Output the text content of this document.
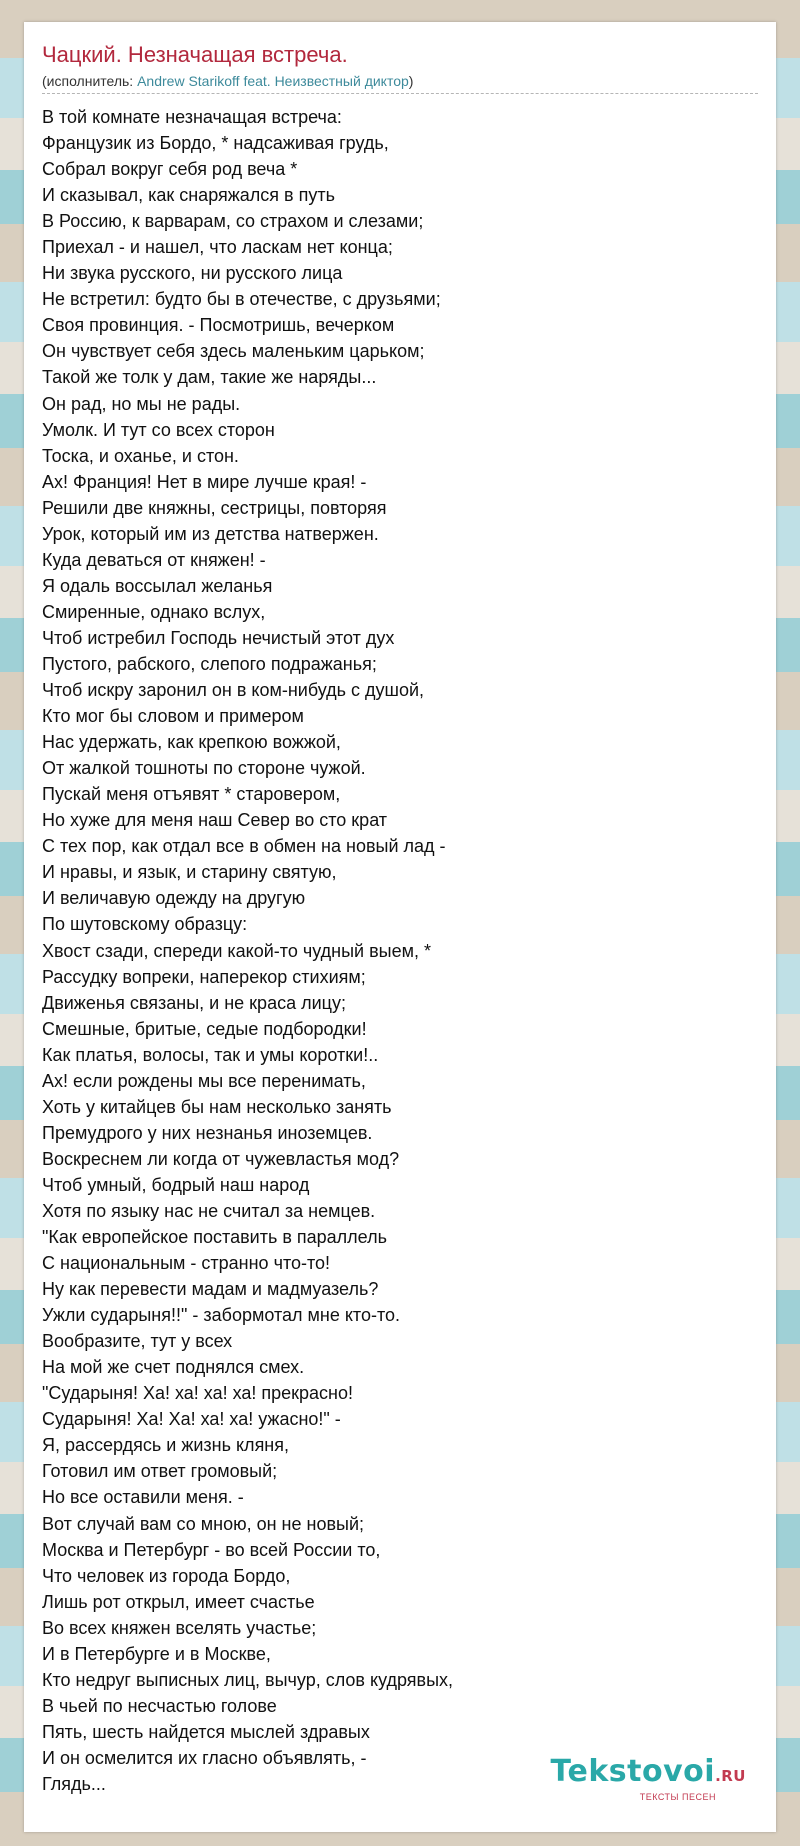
Чацкий. Незначащая встреча.
(исполнитель: Andrew Starikoff feat. Неизвестный диктор)
В той комнате незначащая встреча:
Французик из Бордо, * надсаживая грудь,
Собрал вокруг себя род веча *
И сказывал, как снаряжался в путь
В Россию, к варварам, со страхом и слезами;
Приехал - и нашел, что ласкам нет конца;
Ни звука русского, ни русского лица
Не встретил: будто бы в отечестве, с друзьями;
Своя провинция. - Посмотришь, вечерком
Он чувствует себя здесь маленьким царьком;
Такой же толк у дам, такие же наряды...
Он рад, но мы не рады.
Умолк. И тут со всех сторон
Тоска, и оханье, и стон.
Ах! Франция! Нет в мире лучше края! -
Решили две княжны, сестрицы, повторяя
Урок, который им из детства натвержен.
Куда деваться от княжен! -
Я одаль воссылал желанья
Смиренные, однако вслух,
Чтоб истребил Господь нечистый этот дух
Пустого, рабского, слепого подражанья;
Чтоб искру заронил он в ком-нибудь с душой,
Кто мог бы словом и примером
Нас удержать, как крепкою вожжой,
От жалкой тошноты по стороне чужой.
Пускай меня отъявят * старовером,
Но хуже для меня наш Север во сто крат
С тех пор, как отдал все в обмен на новый лад -
И нравы, и язык, и старину святую,
И величавую одежду на другую
По шутовскому образцу:
Хвост сзади, спереди какой-то чудный выем, *
Рассудку вопреки, наперекор стихиям;
Движенья связаны, и не краса лицу;
Смешные, бритые, седые подбородки!
Как платья, волосы, так и умы коротки!..
Ах! если рождены мы все перенимать,
Хоть у китайцев бы нам несколько занять
Премудрого у них незнанья иноземцев.
Воскреснем ли когда от чужевластья мод?
Чтоб умный, бодрый наш народ
Хотя по языку нас не считал за немцев.
"Как европейское поставить в параллель
С национальным - странно что-то!
Ну как перевести мадам и мадмуазель?
Ужли сударыня!!" - забормотал мне кто-то.
Вообразите, тут у всех
На мой же счет поднялся смех.
"Сударыня! Ха! ха! ха! ха! прекрасно!
Сударыня! Ха! Ха! ха! ха! ужасно!" -
Я, рассердясь и жизнь кляня,
Готовил им ответ громовый;
Но все оставили меня. -
Вот случай вам со мною, он не новый;
Москва и Петербург - во всей России то,
Что человек из города Бордо,
Лишь рот открыл, имеет счастье
Во всех княжен вселять участье;
И в Петербурге и в Москве,
Кто недруг выписных лиц, вычур, слов кудрявых,
В чьей по несчастью голове
Пять, шесть найдется мыслей здравых
И он осмелится их гласно объявлять, -
Глядь...	Tekstovoi.RU
ТЕКСТЫ ПЕСЕН
